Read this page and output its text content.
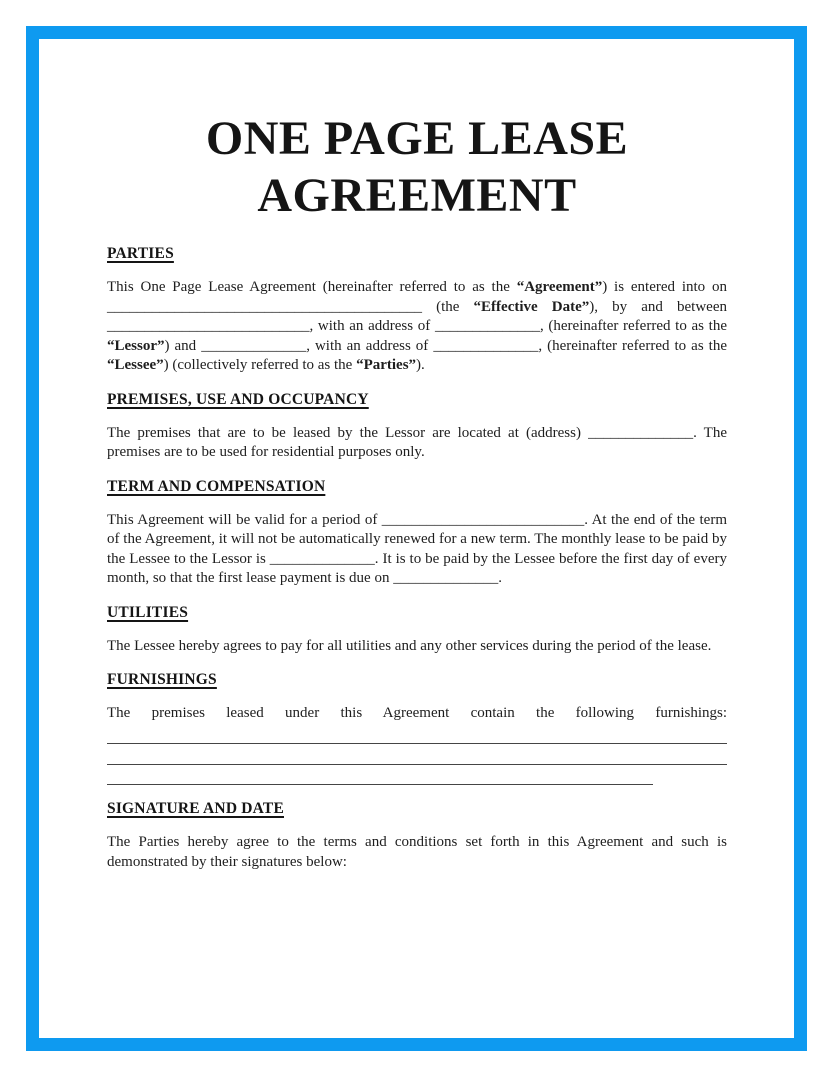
ONE PAGE LEASE
AGREEMENT
PARTIES

This One Page Lease Agreement (hereinafter referred to as the “Agreement”) is entered into on __________________________________________ (the “Effective Date”), by and between ___________________________, with an address of ______________, (hereinafter referred to as the “Lessor”) and ______________, with an address of ______________, (hereinafter referred to as the “Lessee”) (collectively referred to as the “Parties”).

PREMISES, USE AND OCCUPANCY

The premises that are to be leased by the Lessor are located at (address) ______________. The premises are to be used for residential purposes only.

TERM AND COMPENSATION

This Agreement will be valid for a period of ___________________________. At the end of the term of the Agreement, it will not be automatically renewed for a new term. The monthly lease to be paid by the Lessee to the Lessor is ______________. It is to be paid by the Lessee before the first day of every month, so that the first lease payment is due on ______________.

UTILITIES

The Lessee hereby agrees to pay for all utilities and any other services during the period of the lease.

FURNISHINGS

The premises leased under this Agreement contain the following furnishings:

SIGNATURE AND DATE

The Parties hereby agree to the terms and conditions set forth in this Agreement and such is demonstrated by their signatures below:
